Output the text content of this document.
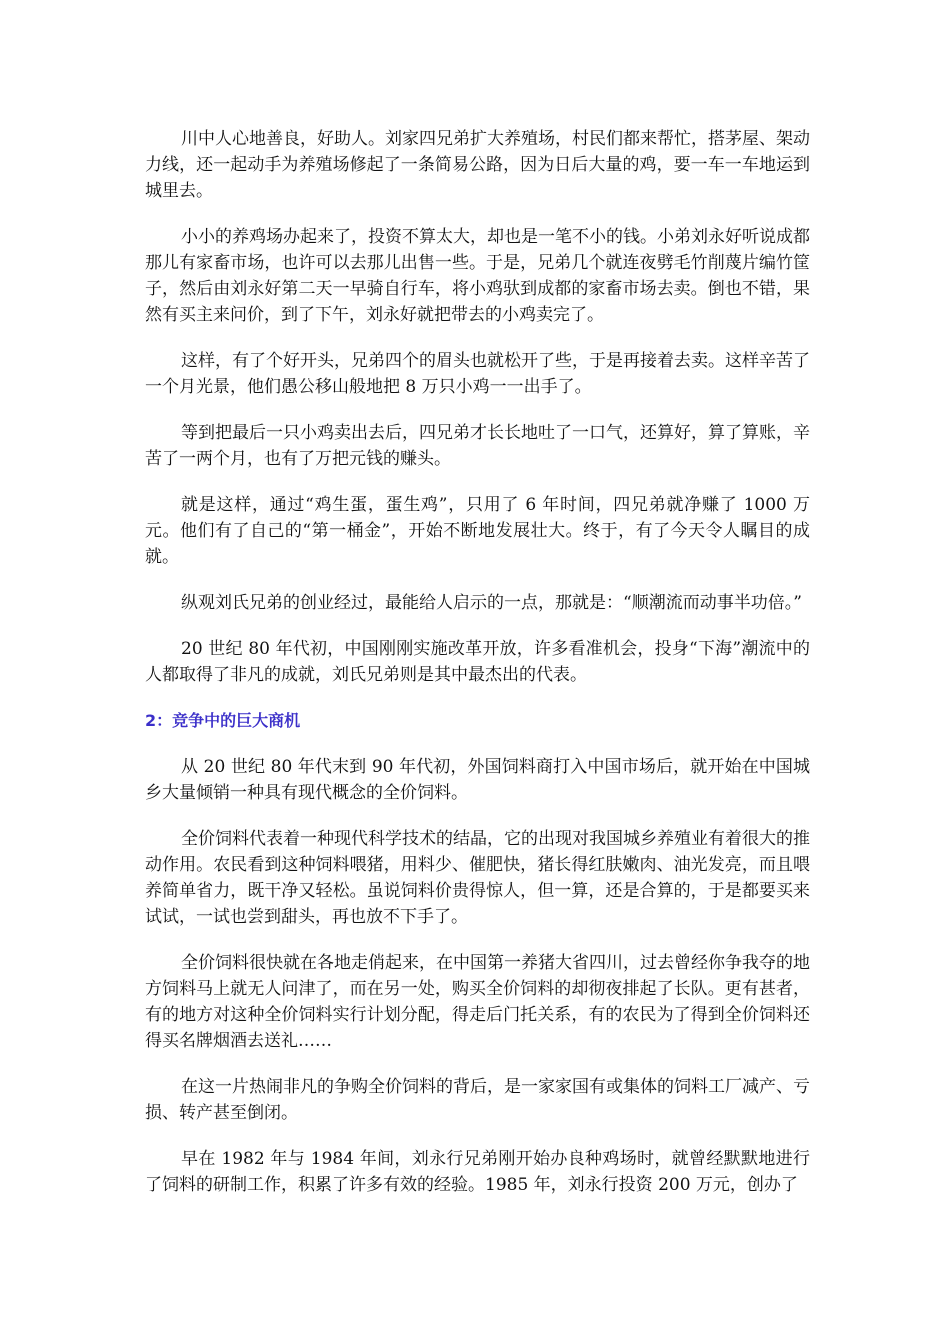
川中人心地善良，好助人。刘家四兄弟扩大养殖场，村民们都来帮忙，搭茅屋、架动力线，还一起动手为养殖场修起了一条简易公路，因为日后大量的鸡，要一车一车地运到城里去。

小小的养鸡场办起来了，投资不算太大，却也是一笔不小的钱。小弟刘永好听说成都那儿有家畜市场，也许可以去那儿出售一些。于是，兄弟几个就连夜劈毛竹削蔑片编竹筐子，然后由刘永好第二天一早骑自行车，将小鸡驮到成都的家畜市场去卖。倒也不错，果然有买主来问价，到了下午，刘永好就把带去的小鸡卖完了。

这样，有了个好开头，兄弟四个的眉头也就松开了些，于是再接着去卖。这样辛苦了一个月光景，他们愚公移山般地把 8 万只小鸡一一出手了。

等到把最后一只小鸡卖出去后，四兄弟才长长地吐了一口气，还算好，算了算账，辛苦了一两个月，也有了万把元钱的赚头。

就是这样，通过“鸡生蛋，蛋生鸡”，只用了 6 年时间，四兄弟就净赚了 1000 万元。他们有了自己的“第一桶金”，开始不断地发展壮大。终于，有了今天令人瞩目的成就。

纵观刘氏兄弟的创业经过，最能给人启示的一点，那就是：“顺潮流而动事半功倍。”

20 世纪 80 年代初，中国刚刚实施改革开放，许多看准机会，投身“下海”潮流中的人都取得了非凡的成就，刘氏兄弟则是其中最杰出的代表。

2：竞争中的巨大商机

从 20 世纪 80 年代末到 90 年代初，外国饲料商打入中国市场后，就开始在中国城乡大量倾销一种具有现代概念的全价饲料。

全价饲料代表着一种现代科学技术的结晶，它的出现对我国城乡养殖业有着很大的推动作用。农民看到这种饲料喂猪，用料少、催肥快，猪长得红肤嫩肉、油光发亮，而且喂养简单省力，既干净又轻松。虽说饲料价贵得惊人，但一算，还是合算的，于是都要买来试试，一试也尝到甜头，再也放不下手了。

全价饲料很快就在各地走俏起来，在中国第一养猪大省四川，过去曾经你争我夺的地方饲料马上就无人问津了，而在另一处，购买全价饲料的却彻夜排起了长队。更有甚者，有的地方对这种全价饲料实行计划分配，得走后门托关系，有的农民为了得到全价饲料还得买名牌烟酒去送礼……

在这一片热闹非凡的争购全价饲料的背后，是一家家国有或集体的饲料工厂减产、亏损、转产甚至倒闭。

早在 1982 年与 1984 年间，刘永行兄弟刚开始办良种鸡场时，就曾经默默地进行了饲料的研制工作，积累了许多有效的经验。1985 年，刘永行投资 200 万元，创办了
